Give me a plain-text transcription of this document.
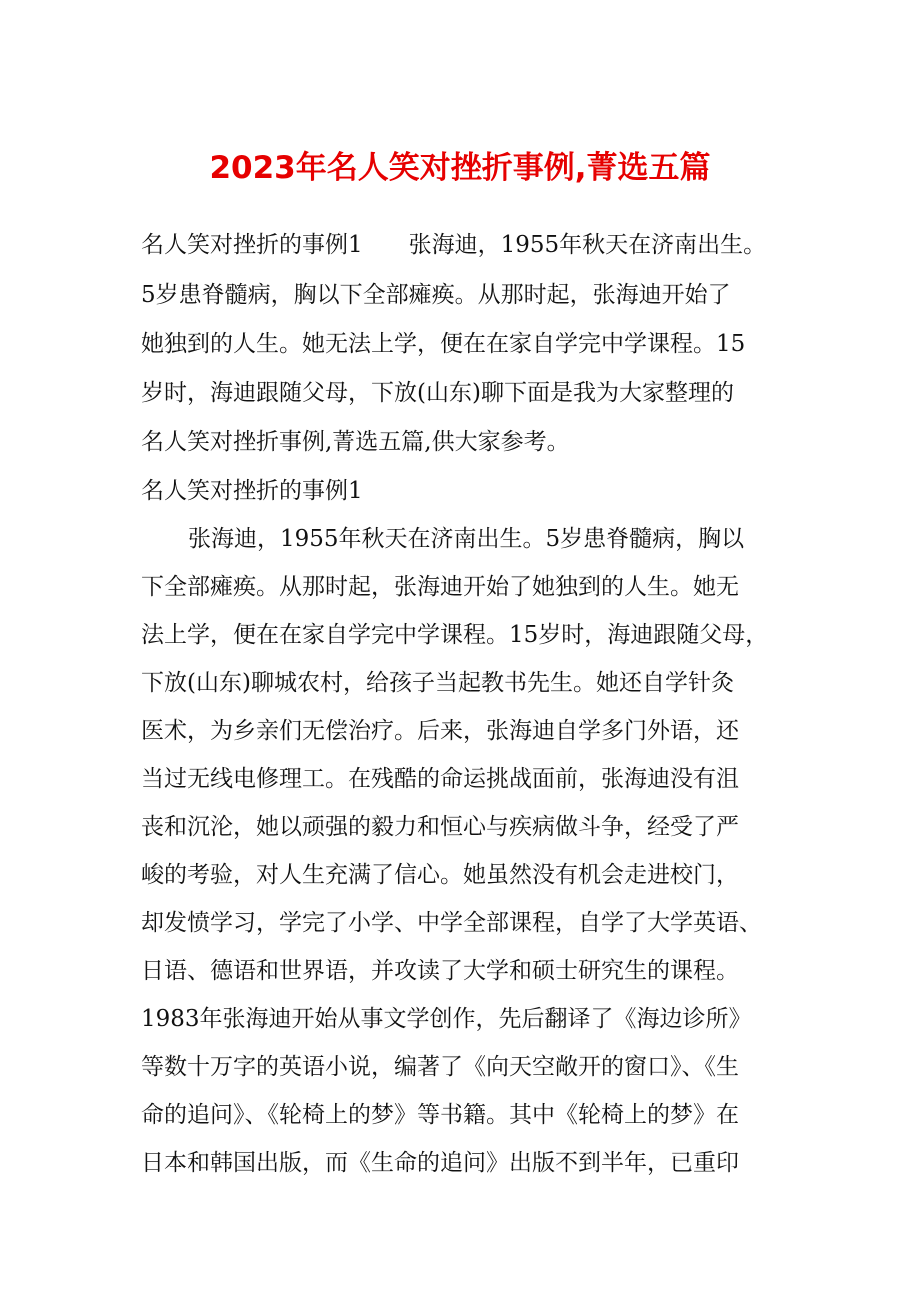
2023年名人笑对挫折事例,菁选五篇
名人笑对挫折的事例1　　张海迪，1955年秋天在济南出生。
5岁患脊髓病，胸以下全部瘫痪。从那时起，张海迪开始了
她独到的人生。她无法上学，便在在家自学完中学课程。15
岁时，海迪跟随父母，下放(山东)聊下面是我为大家整理的
名人笑对挫折事例,菁选五篇,供大家参考。
名人笑对挫折的事例1
张海迪，1955年秋天在济南出生。5岁患脊髓病，胸以
下全部瘫痪。从那时起，张海迪开始了她独到的人生。她无
法上学，便在在家自学完中学课程。15岁时，海迪跟随父母，
下放(山东)聊城农村，给孩子当起教书先生。她还自学针灸
医术，为乡亲们无偿治疗。后来，张海迪自学多门外语，还
当过无线电修理工。在残酷的命运挑战面前，张海迪没有沮
丧和沉沦，她以顽强的毅力和恒心与疾病做斗争，经受了严
峻的考验，对人生充满了信心。她虽然没有机会走进校门，
却发愤学习，学完了小学、中学全部课程，自学了大学英语、
日语、德语和世界语，并攻读了大学和硕士研究生的课程。
1983年张海迪开始从事文学创作，先后翻译了《海边诊所》
等数十万字的英语小说，编著了《向天空敞开的窗口》、《生
命的追问》、《轮椅上的梦》等书籍。其中《轮椅上的梦》在
日本和韩国出版，而《生命的追问》出版不到半年，已重印
